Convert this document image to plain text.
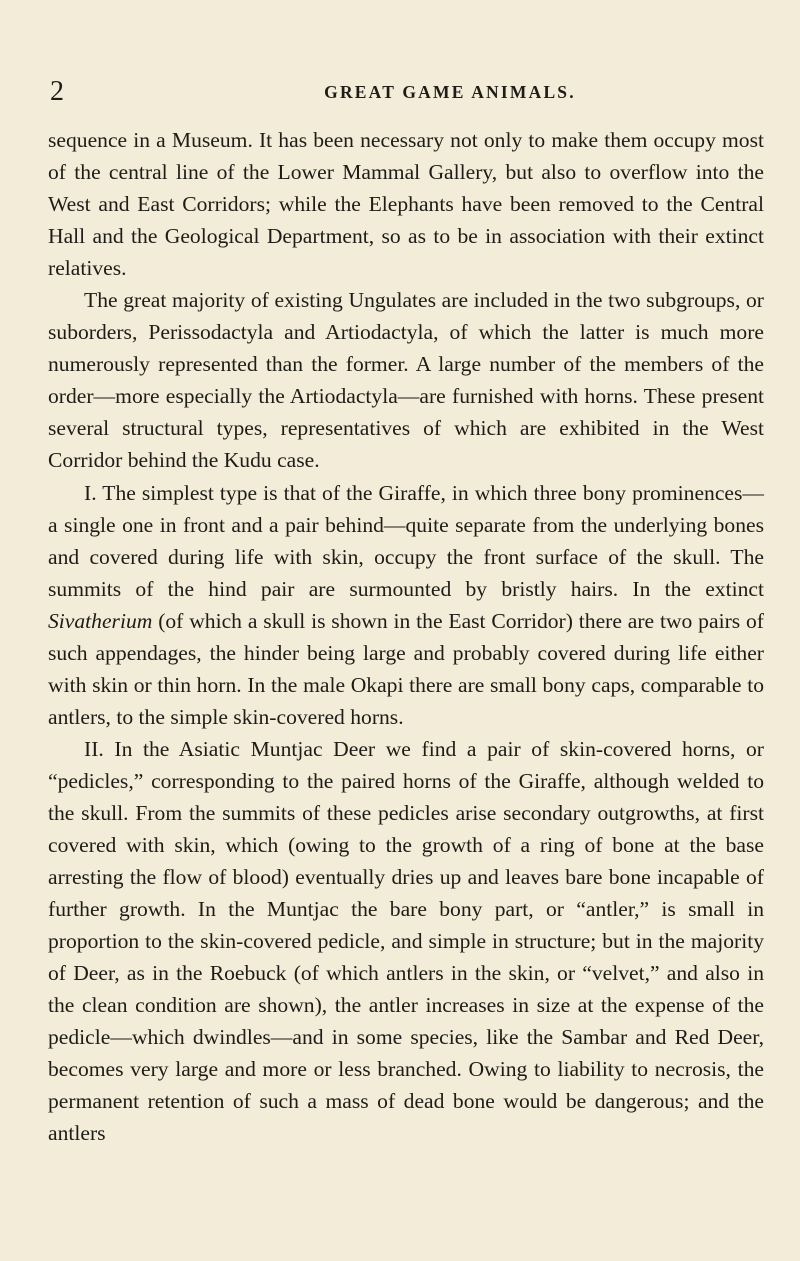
2	GREAT GAME ANIMALS.

sequence in a Museum. It has been necessary not only to make them occupy most of the central line of the Lower Mammal Gallery, but also to overflow into the West and East Corridors; while the Elephants have been removed to the Central Hall and the Geological Department, so as to be in association with their extinct relatives.

The great majority of existing Ungulates are included in the two subgroups, or suborders, Perissodactyla and Artiodactyla, of which the latter is much more numerously represented than the former. A large number of the members of the order—more especially the Artiodactyla—are furnished with horns. These present several structural types, representatives of which are exhibited in the West Corridor behind the Kudu case.

I. The simplest type is that of the Giraffe, in which three bony prominences—a single one in front and a pair behind—quite separate from the underlying bones and covered during life with skin, occupy the front surface of the skull. The summits of the hind pair are surmounted by bristly hairs. In the extinct Sivatherium (of which a skull is shown in the East Corridor) there are two pairs of such appendages, the hinder being large and probably covered during life either with skin or thin horn. In the male Okapi there are small bony caps, comparable to antlers, to the simple skin-covered horns.

II. In the Asiatic Muntjac Deer we find a pair of skin-covered horns, or “pedicles,” corresponding to the paired horns of the Giraffe, although welded to the skull. From the summits of these pedicles arise secondary outgrowths, at first covered with skin, which (owing to the growth of a ring of bone at the base arresting the flow of blood) eventually dries up and leaves bare bone incapable of further growth. In the Muntjac the bare bony part, or “antler,” is small in proportion to the skin-covered pedicle, and simple in structure; but in the majority of Deer, as in the Roebuck (of which antlers in the skin, or “velvet,” and also in the clean condition are shown), the antler increases in size at the expense of the pedicle—which dwindles—and in some species, like the Sambar and Red Deer, becomes very large and more or less branched. Owing to liability to necrosis, the permanent retention of such a mass of dead bone would be dangerous; and the antlers
